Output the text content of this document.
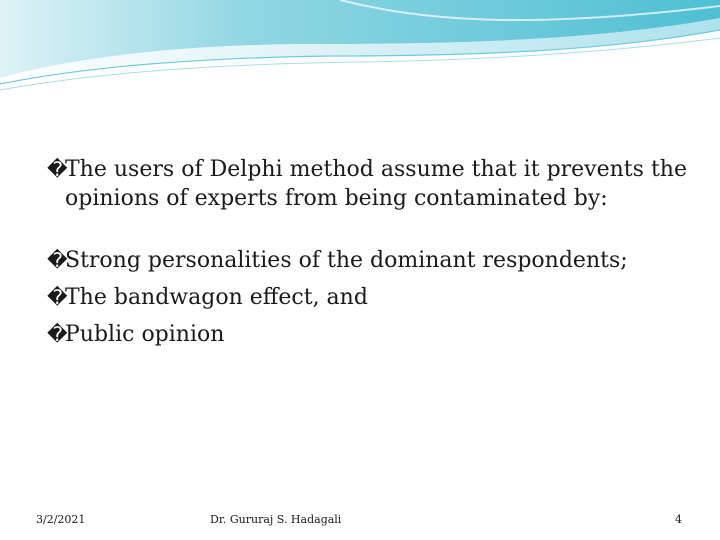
�
The users of Delphi method assume that it prevents the opinions of experts from being contaminated by:

�
Strong personalities of the dominant respondents;

�
The bandwagon effect, and

�
Public opinion

3/2/2021	Dr. Gururaj S. Hadagali	4
